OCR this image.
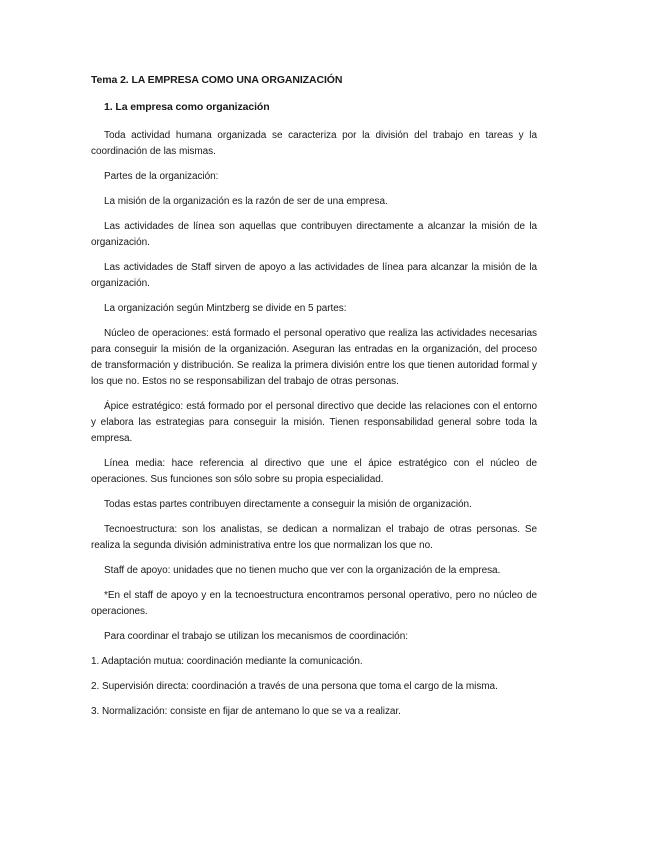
Tema 2. LA EMPRESA COMO UNA ORGANIZACIÓN
1. La empresa como organización

Toda actividad humana organizada se caracteriza por la división del trabajo en tareas y la coordinación de las mismas.

Partes de la organización:

La misión de la organización es la razón de ser de una empresa.

Las actividades de línea son aquellas que contribuyen directamente a alcanzar la misión de la organización.

Las actividades de Staff sirven de apoyo a las actividades de línea para alcanzar la misión de la organización.

La organización según Mintzberg se divide en 5 partes:

Núcleo de operaciones: está formado el personal operativo que realiza las actividades necesarias para conseguir la misión de la organización. Aseguran las entradas en la organización, del proceso de transformación y distribución. Se realiza la primera división entre los que tienen autoridad formal y los que no. Estos no se responsabilizan del trabajo de otras personas.

Ápice estratégico: está formado por el personal directivo que decide las relaciones con el entorno y elabora las estrategias para conseguir la misión. Tienen responsabilidad general sobre toda la empresa.

Línea media: hace referencia al directivo que une el ápice estratégico con el núcleo de operaciones. Sus funciones son sólo sobre su propia especialidad.

Todas estas partes contribuyen directamente a conseguir la misión de organización.

Tecnoestructura: son los analistas, se dedican a normalizan el trabajo de otras personas. Se realiza la segunda división administrativa entre los que normalizan los que no.

Staff de apoyo: unidades que no tienen mucho que ver con la organización de la empresa.

*En el staff de apoyo y en la tecnoestructura encontramos personal operativo, pero no núcleo de operaciones.

Para coordinar el trabajo se utilizan los mecanismos de coordinación:

1. Adaptación mutua: coordinación mediante la comunicación.

2. Supervisión directa: coordinación a través de una persona que toma el cargo de la misma.

3. Normalización: consiste en fijar de antemano lo que se va a realizar.
